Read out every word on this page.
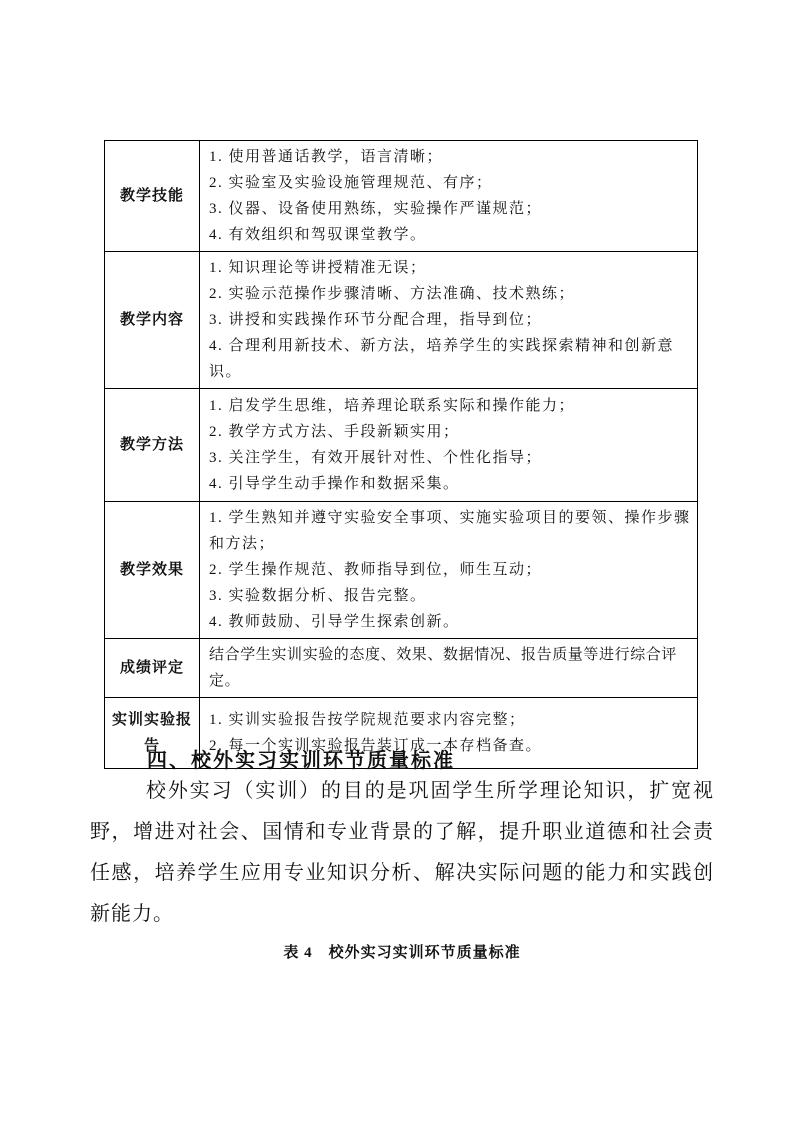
教学技能	1. 使用普通话教学，语言清晰；
2. 实验室及实验设施管理规范、有序；
3. 仪器、设备使用熟练，实验操作严谨规范；
4. 有效组织和驾驭课堂教学。

教学内容	1. 知识理论等讲授精准无误；
2. 实验示范操作步骤清晰、方法准确、技术熟练；
3. 讲授和实践操作环节分配合理，指导到位；
4. 合理利用新技术、新方法，培养学生的实践探索精神和创新意识。

教学方法	1. 启发学生思维，培养理论联系实际和操作能力；
2. 教学方式方法、手段新颖实用；
3. 关注学生，有效开展针对性、个性化指导；
4. 引导学生动手操作和数据采集。

教学效果	1. 学生熟知并遵守实验安全事项、实施实验项目的要领、操作步骤和方法；
2. 学生操作规范、教师指导到位，师生互动；
3. 实验数据分析、报告完整。
4. 教师鼓励、引导学生探索创新。

成绩评定	结合学生实训实验的态度、效果、数据情况、报告质量等进行综合评定。

实训实验报告	1. 实训实验报告按学院规范要求内容完整；
2. 每一个实训实验报告装订成一本存档备查。
四、校外实习实训环节质量标准

校外实习（实训）的目的是巩固学生所学理论知识，扩宽视野，增进对社会、国情和专业背景的了解，提升职业道德和社会责任感，培养学生应用专业知识分析、解决实际问题的能力和实践创新能力。

表 4　校外实习实训环节质量标准
